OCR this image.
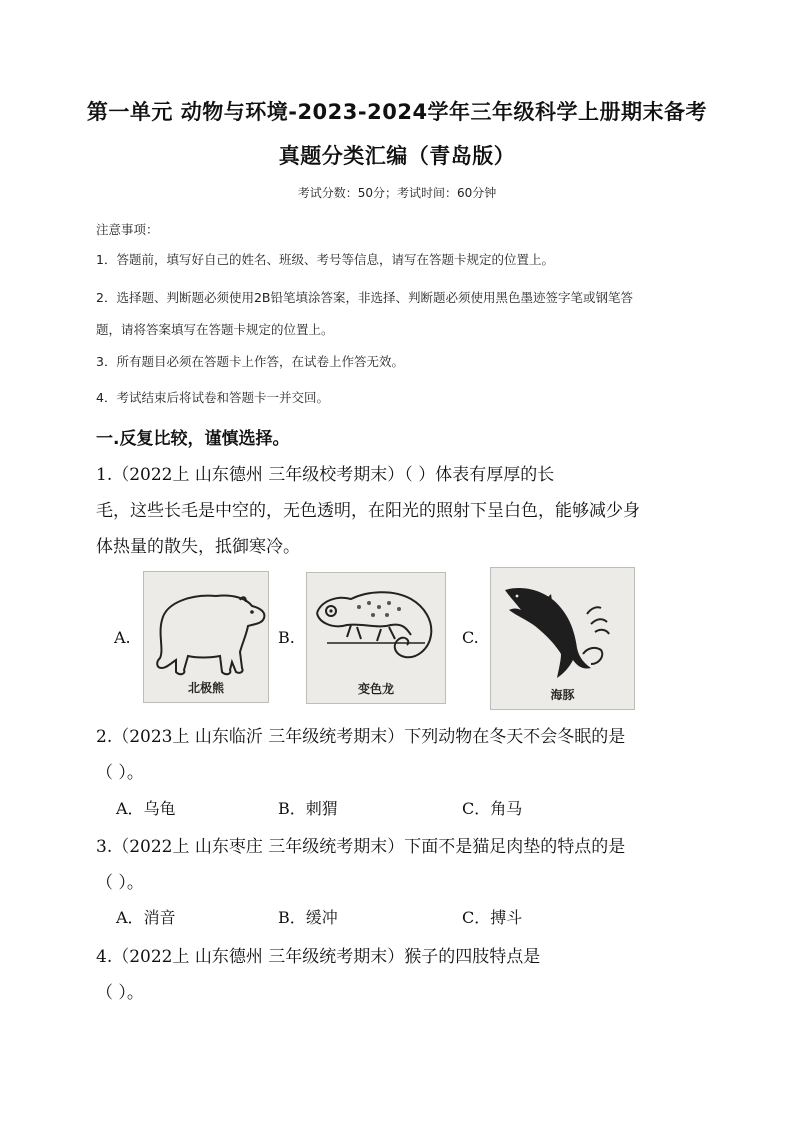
第一单元 动物与环境-2023-2024学年三年级科学上册期末备考
真题分类汇编（青岛版）
考试分数：50分；考试时间：60分钟
注意事项：
1．答题前，填写好自己的姓名、班级、考号等信息，请写在答题卡规定的位置上。
2．选择题、判断题必须使用2B铅笔填涂答案，非选择、判断题必须使用黑色墨迹签字笔或钢笔答
题，请将答案填写在答题卡规定的位置上。
3．所有题目必须在答题卡上作答，在试卷上作答无效。
4．考试结束后将试卷和答题卡一并交回。
一.反复比较，谨慎选择。
1.（2022上 山东德州 三年级校考期末）（ ）体表有厚厚的长
毛，这些长毛是中空的，无色透明，在阳光的照射下呈白色，能够减少身
体热量的散失，抵御寒冷。
A.
北极熊
B.
变色龙
C.
海豚
2.（2023上 山东临沂 三年级统考期末）下列动物在冬天不会冬眠的是
（ ）。
A．乌龟	B．刺猬	C．角马
3.（2022上 山东枣庄 三年级统考期末）下面不是猫足肉垫的特点的是
（ ）。
A．消音	B．缓冲	C．搏斗
4.（2022上 山东德州 三年级统考期末）猴子的四肢特点是
（ ）。
